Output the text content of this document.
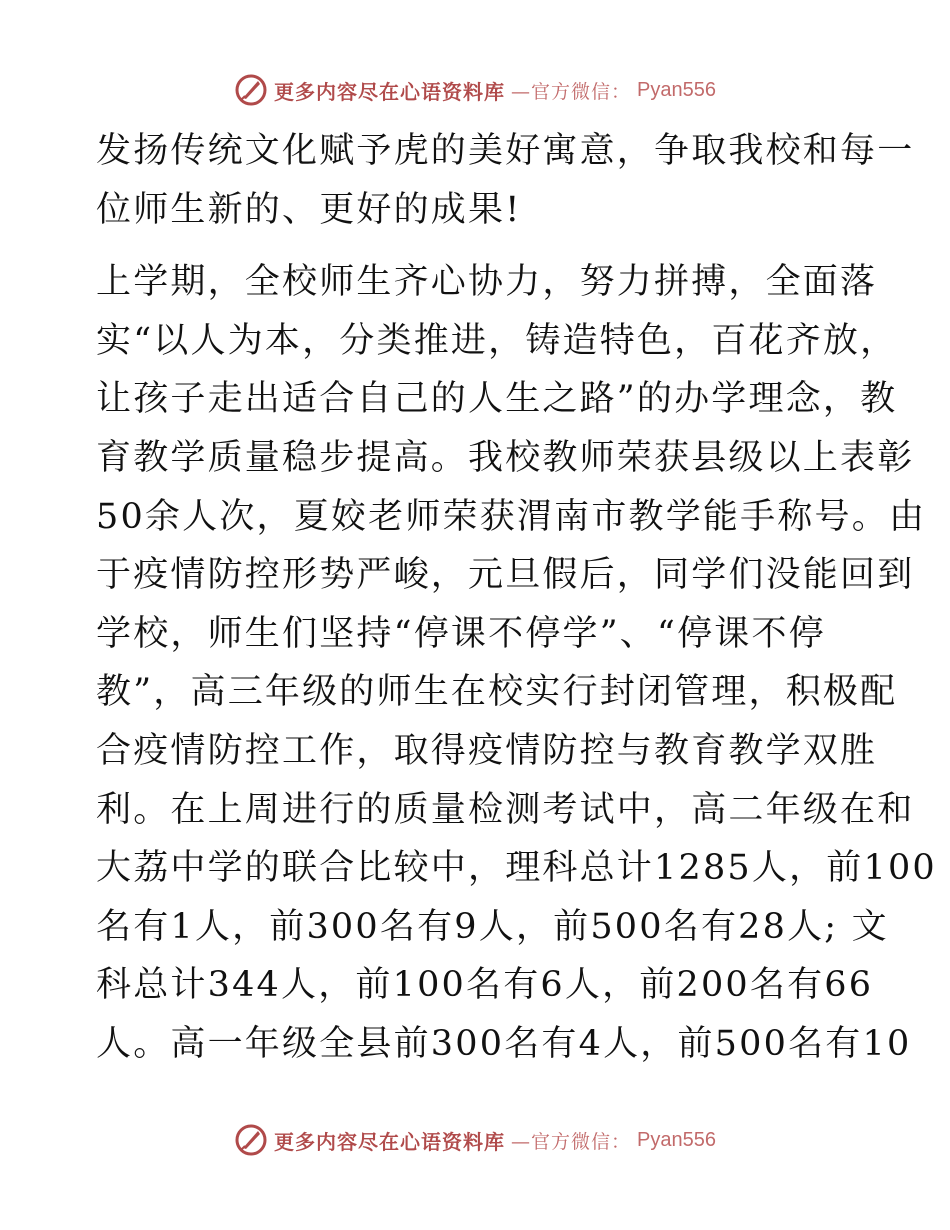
更多内容尽在心语资料库 —官方微信： Pyan556
发扬传统文化赋予虎的美好寓意，争取我校和每一
位师生新的、更好的成果!
上学期，全校师生齐心协力，努力拼搏，全面落
实“以人为本，分类推进，铸造特色，百花齐放，
让孩子走出适合自己的人生之路”的办学理念，教
育教学质量稳步提高。我校教师荣获县级以上表彰
50余人次，夏姣老师荣获渭南市教学能手称号。由
于疫情防控形势严峻，元旦假后，同学们没能回到
学校，师生们坚持“停课不停学”、“停课不停
教”，高三年级的师生在校实行封闭管理，积极配
合疫情防控工作，取得疫情防控与教育教学双胜
利。在上周进行的质量检测考试中，高二年级在和
大荔中学的联合比较中，理科总计1285人，前100
名有1人，前300名有9人，前500名有28人; 文
科总计344人，前100名有6人，前200名有66
人。高一年级全县前300名有4人，前500名有10
更多内容尽在心语资料库 —官方微信： Pyan556
